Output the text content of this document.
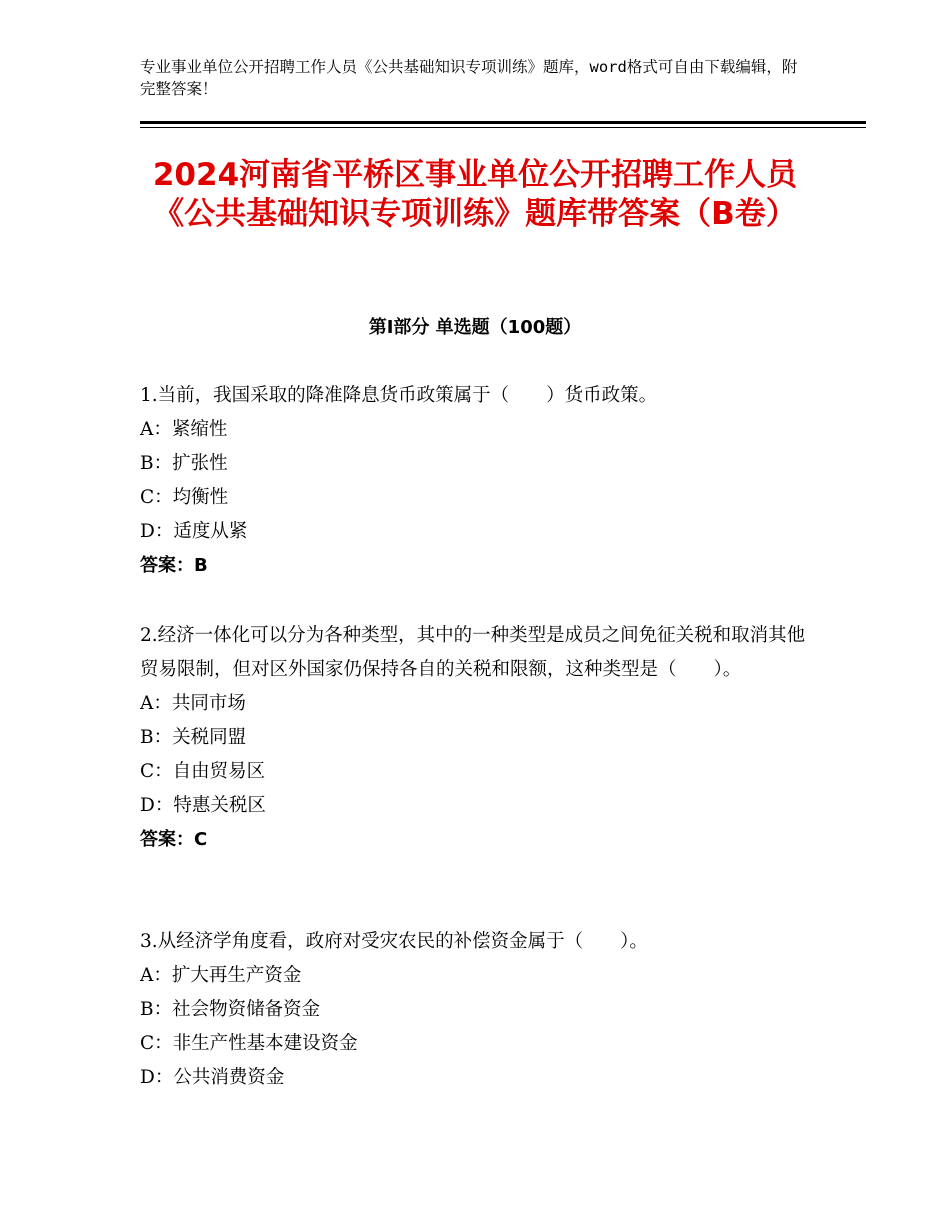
专业事业单位公开招聘工作人员《公共基础知识专项训练》题库，word格式可自由下载编辑，附完整答案！
2024河南省平桥区事业单位公开招聘工作人员《公共基础知识专项训练》题库带答案（B卷）
第Ⅰ部分 单选题（100题）

1.当前，我国采取的降准降息货币政策属于（　　）货币政策。

A：紧缩性

B：扩张性

C：均衡性

D：适度从紧

答案：B

2.经济一体化可以分为各种类型，其中的一种类型是成员之间免征关税和取消其他贸易限制，但对区外国家仍保持各自的关税和限额，这种类型是（　　）。

A：共同市场

B：关税同盟

C：自由贸易区

D：特惠关税区

答案：C

3.从经济学角度看，政府对受灾农民的补偿资金属于（　　）。

A：扩大再生产资金

B：社会物资储备资金

C：非生产性基本建设资金

D：公共消费资金
